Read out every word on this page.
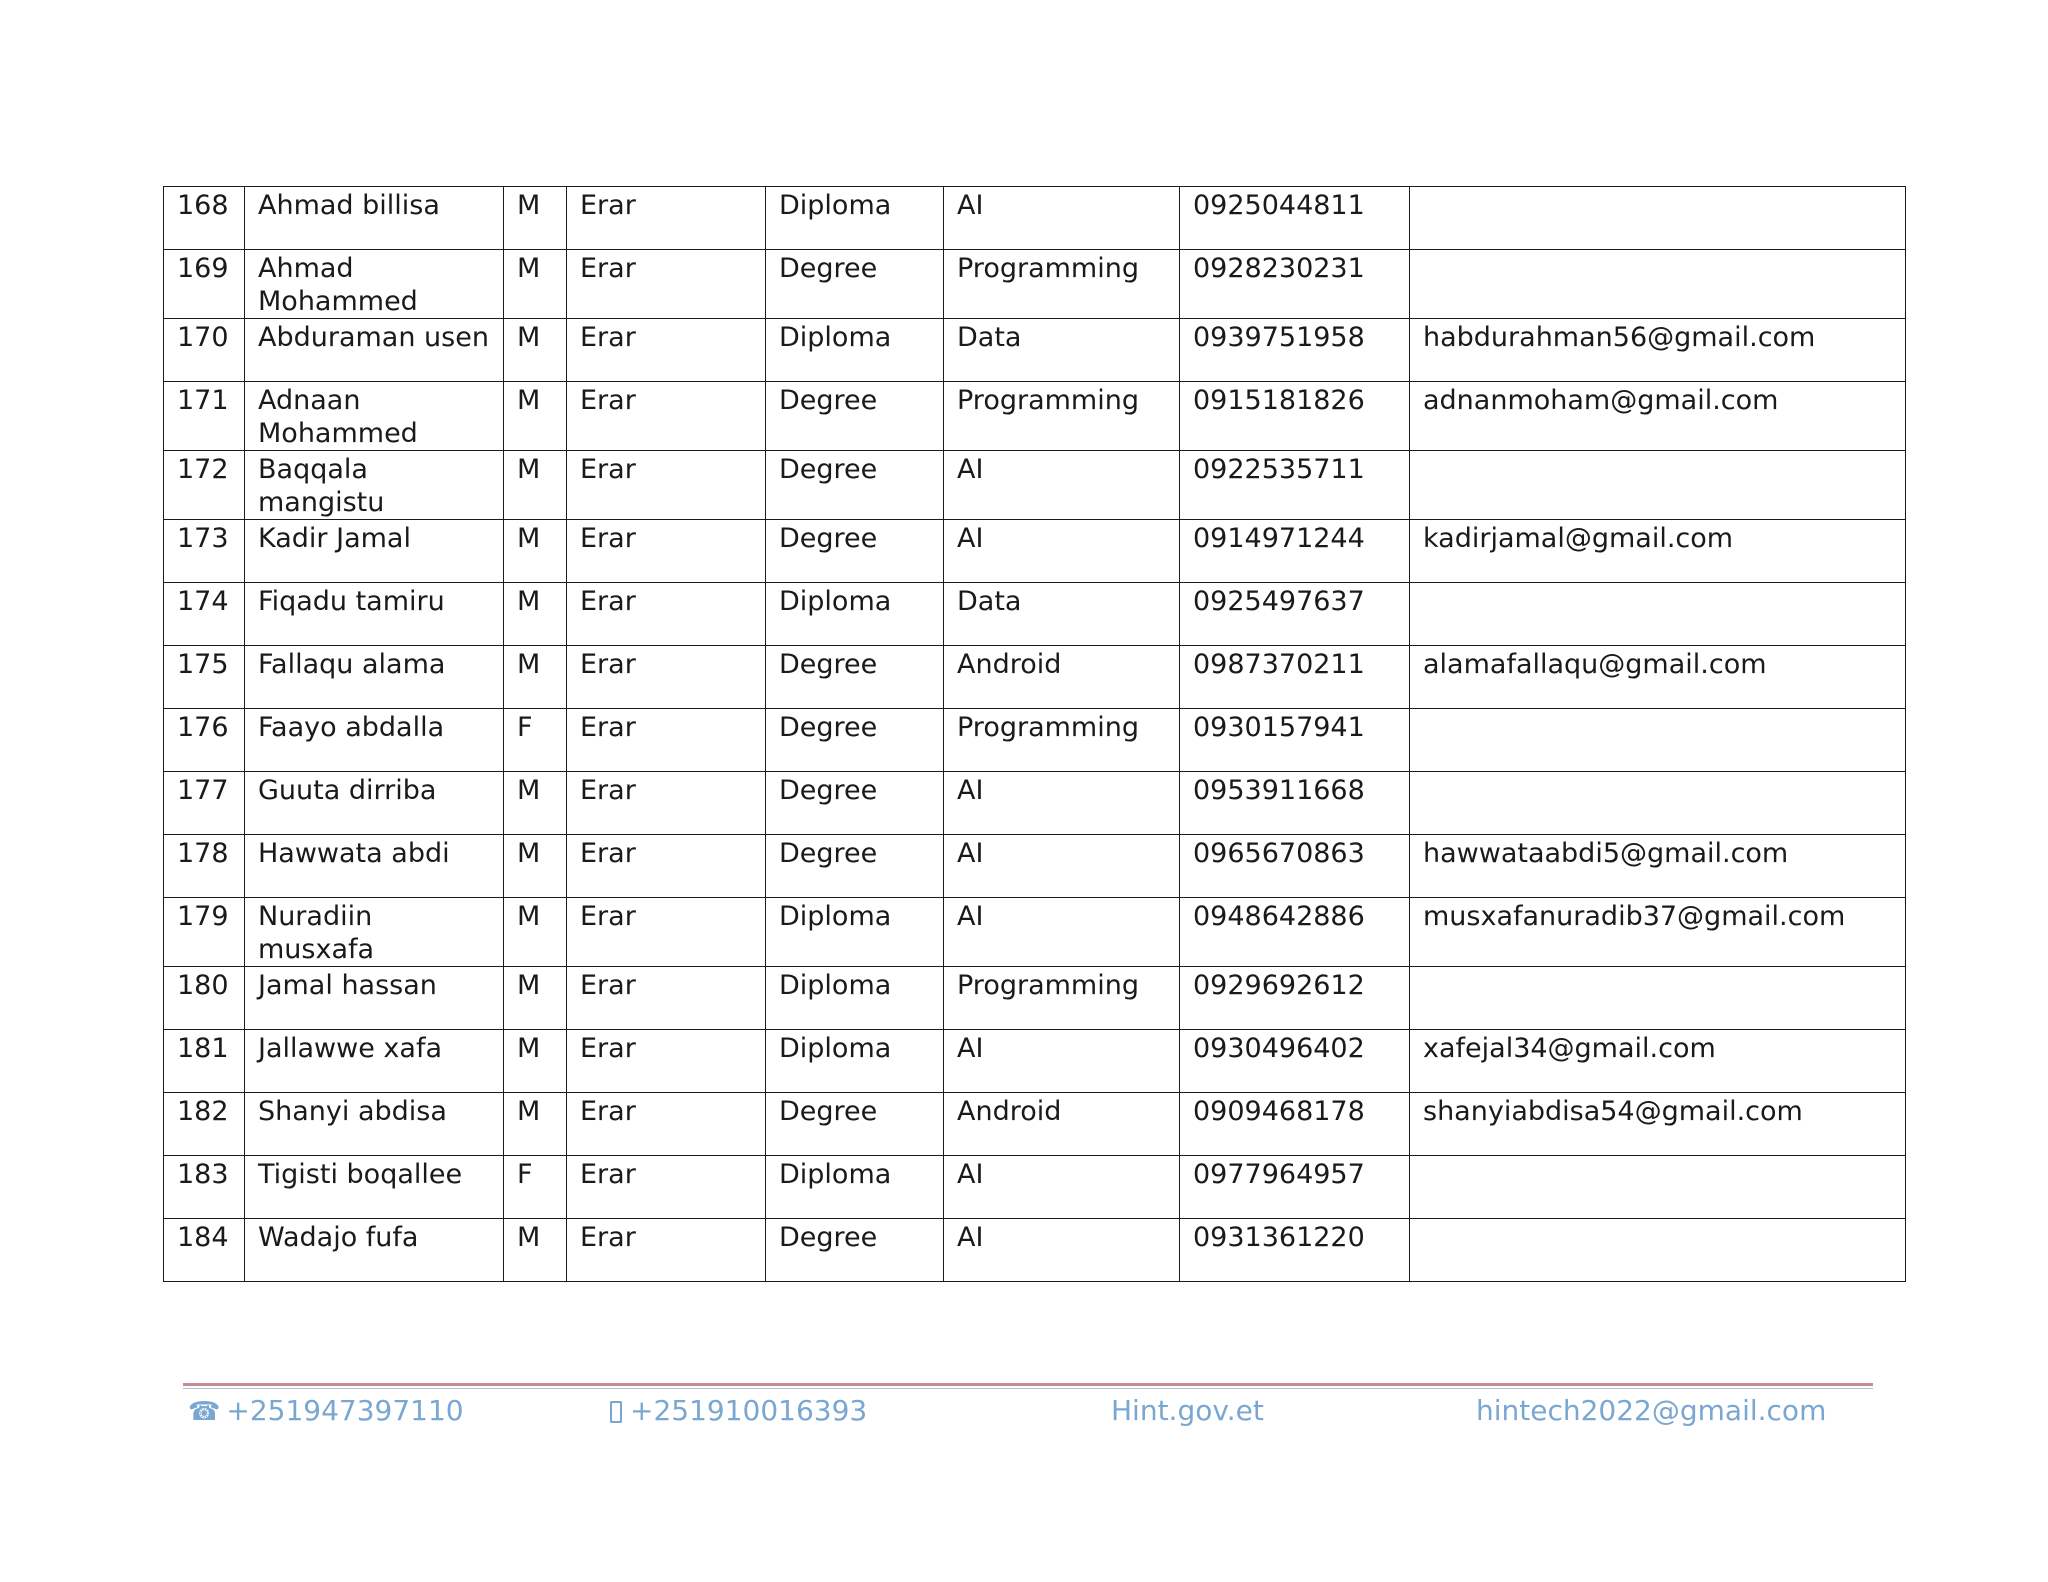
168	Ahmad billisa	M	Erar	Diploma	AI	0925044811	
169	Ahmad Mohammed	M	Erar	Degree	Programming	0928230231	
170	Abduraman usen	M	Erar	Diploma	Data	0939751958	habdurahman56@gmail.com
171	Adnaan Mohammed	M	Erar	Degree	Programming	0915181826	adnanmoham@gmail.com
172	Baqqala mangistu	M	Erar	Degree	AI	0922535711	
173	Kadir Jamal	M	Erar	Degree	AI	0914971244	kadirjamal@gmail.com
174	Fiqadu tamiru	M	Erar	Diploma	Data	0925497637	
175	Fallaqu alama	M	Erar	Degree	Android	0987370211	alamafallaqu@gmail.com
176	Faayo abdalla	F	Erar	Degree	Programming	0930157941	
177	Guuta dirriba	M	Erar	Degree	AI	0953911668	
178	Hawwata abdi	M	Erar	Degree	AI	0965670863	hawwataabdi5@gmail.com
179	Nuradiin musxafa	M	Erar	Diploma	AI	0948642886	musxafanuradib37@gmail.com
180	Jamal hassan	M	Erar	Diploma	Programming	0929692612	
181	Jallawwe xafa	M	Erar	Diploma	AI	0930496402	xafejal34@gmail.com
182	Shanyi abdisa	M	Erar	Degree	Android	0909468178	shanyiabdisa54@gmail.com
183	Tigisti boqallee	F	Erar	Diploma	AI	0977964957	
184	Wadajo fufa	M	Erar	Degree	AI	0931361220	
☎ +251947397110	+251910016393	Hint.gov.et	hintech2022@gmail.com
